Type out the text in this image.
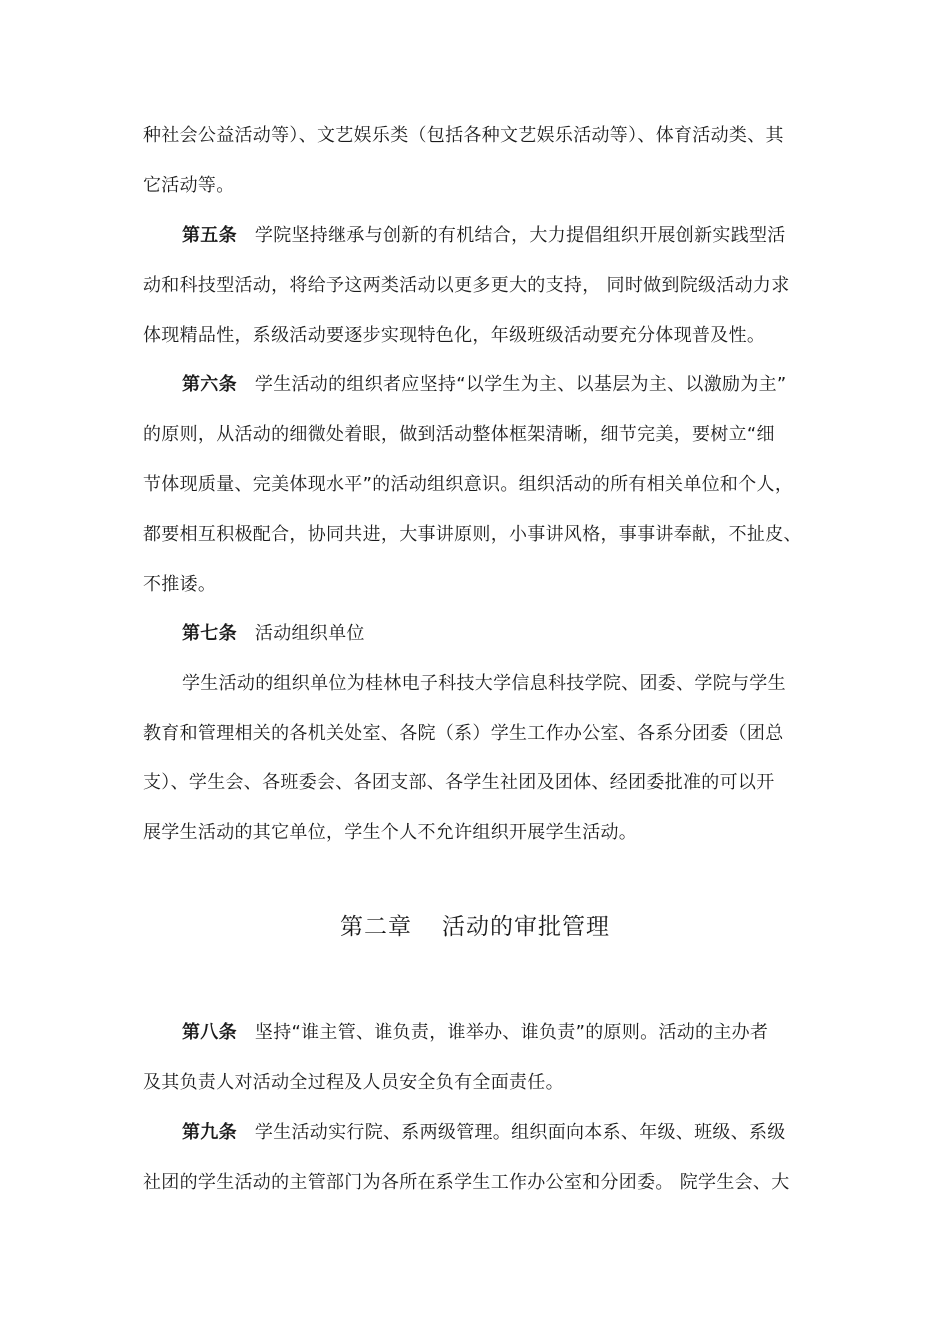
种社会公益活动等）、文艺娱乐类（包括各种文艺娱乐活动等）、体育活动类、其
它活动等。
第五条 学院坚持继承与创新的有机结合，大力提倡组织开展创新实践型活
动和科技型活动，将给予这两类活动以更多更大的支持， 同时做到院级活动力求
体现精品性，系级活动要逐步实现特色化，年级班级活动要充分体现普及性。
第六条 学生活动的组织者应坚持“以学生为主、以基层为主、以激励为主”
的原则，从活动的细微处着眼，做到活动整体框架清晰，细节完美，要树立“细
节体现质量、完美体现水平”的活动组织意识。组织活动的所有相关单位和个人，
都要相互积极配合，协同共进，大事讲原则，小事讲风格，事事讲奉献，不扯皮、
不推诿。
第七条 活动组织单位
学生活动的组织单位为桂林电子科技大学信息科技学院、团委、学院与学生
教育和管理相关的各机关处室、各院（系）学生工作办公室、各系分团委（团总
支）、学生会、各班委会、各团支部、各学生社团及团体、经团委批准的可以开
展学生活动的其它单位，学生个人不允许组织开展学生活动。
第二章 活动的审批管理
第八条 坚持“谁主管、谁负责，谁举办、谁负责”的原则。活动的主办者
及其负责人对活动全过程及人员安全负有全面责任。
第九条 学生活动实行院、系两级管理。组织面向本系、年级、班级、系级
社团的学生活动的主管部门为各所在系学生工作办公室和分团委。 院学生会、大
